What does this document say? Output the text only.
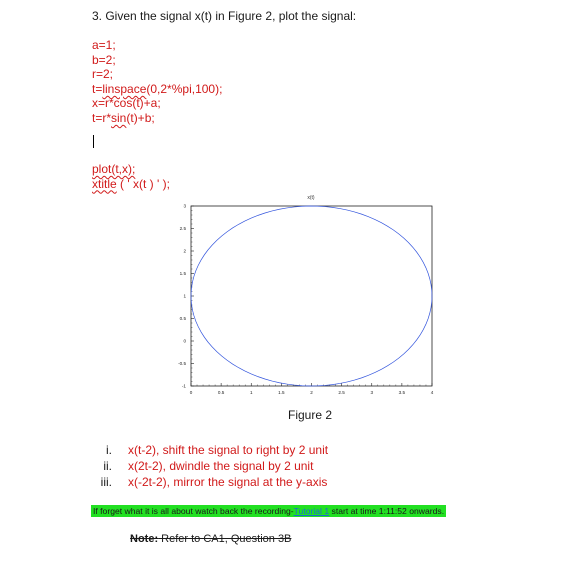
3. Given the signal x(t) in Figure 2, plot the signal:
a=1;
b=2;
r=2;
t=linspace(0,2*%pi,100);
x=r*cos(t)+a;
t=r*sin(t)+b;
plot(t,x);
xtitle ( ' x(t ) ' );
x(t)
0	0.5	1	1.5	2	2.5	3	3.5	4
-1
-0.5
0
0.5
1
1.5
2
2.5
3
Figure 2
i. x(t-2), shift the signal to right by 2 unit
ii. x(2t-2), dwindle the signal by 2 unit
iii. x(-2t-2), mirror the signal at the y-axis
If forget what it is all about watch back the recording-Tutorial 1 start at time 1:11:52 onwards.
Note: Refer to CA1, Question 3B
